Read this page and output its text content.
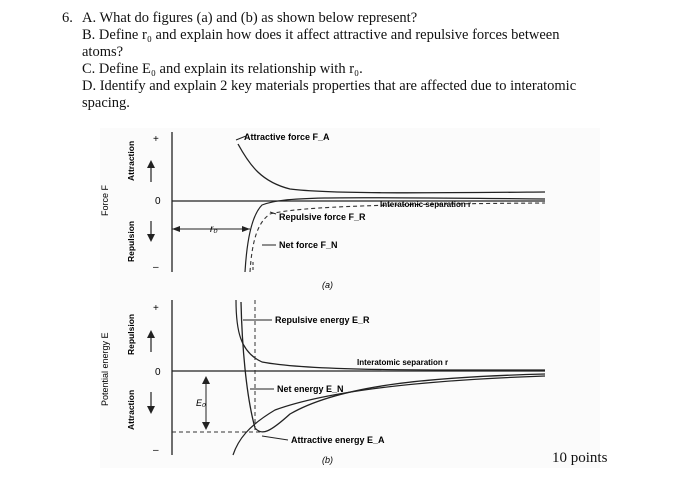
6. A. What do figures (a) and (b) as shown below represent?
B. Define r₀ and explain how does it affect attractive and repulsive forces between
atoms?
C. Define E₀ and explain its relationship with r₀.
D. Identify and explain 2 key materials properties that are affected due to interatomic
spacing.
Attractive force F_A
Interatomic separation r
Repulsive force F_R
Net force F_N
r₀
0
+
–
(a)
Force F
Attraction
Repulsion
Repulsive energy E_R
Interatomic separation r
Net energy E_N
Attractive energy E_A
E₀
0
+
–
(b)
Potential energy E Repulsion
Attraction
10 points
